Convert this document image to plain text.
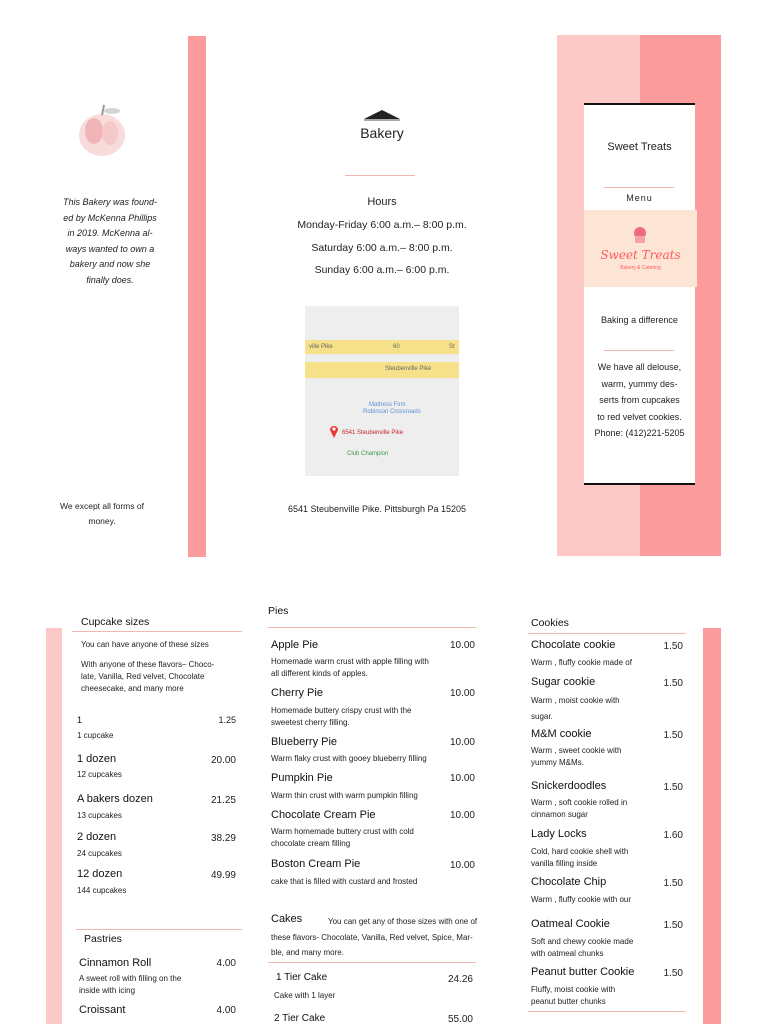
This Bakery was found-
ed by McKenna Phillips
in 2019. McKenna al-
ways wanted to own a
bakery and now she
finally does.
We except all forms of
money.
Bakery
Hours
Monday-Friday 6:00 a.m.– 8:00 p.m.
Saturday 6:00 a.m.– 8:00 p.m.
Sunday 6:00 a.m.– 6:00 p.m.
ville Pike	60	St
Steubenville Pike
Mattress Firm
Robinson Crossroads
6541 Steubenville Pike
Club Champion
6541 Steubenville Pike. Pittsburgh Pa 15205
Sweet Treats
Menu
Sweet Treats
Bakery & Catering
Baking a difference
We have all delouse,
warm, yummy des-
serts from cupcakes
to red velvet cookies.
Phone: (412)221-5205
Cupcake sizes
You can have anyone of these sizes
With anyone of these flavors– Choco-
late, Vanilla, Red velvet, Chocolate
cheesecake, and many more
1	1.25
1 cupcake
1 dozen	20.00
12 cupcakes
A bakers dozen	21.25
13 cupcakes
2 dozen	38.29
24 cupcakes
12 dozen	49.99
144 cupcakes
Pastries
Cinnamon Roll	4.00
A sweet roll with filling on the
inside with icing
Croissant	4.00
Pies
Apple Pie	10.00
Homemade warm crust with apple filling with
all different kinds of apples.
Cherry Pie	10.00
Homemade buttery crispy crust with the
sweetest cherry filling.
Blueberry Pie	10.00
Warm flaky crust with gooey blueberry filling
Pumpkin Pie	10.00
Warm thin crust with warm pumpkin filling
Chocolate Cream Pie	10.00
Warm homemade buttery crust with cold
chocolate cream filling
Boston Cream Pie	10.00
cake that is filled with custard and frosted
Cakes	You can get any of those sizes with one of
these flavors- Chocolate, Vanilla, Red velvet, Spice, Mar-
ble, and many more.
1 Tier Cake	24.26
Cake with 1 layer
2 Tier Cake	55.00
Cookies
Chocolate cookie	1.50
Warm , fluffy cookie made of
Sugar cookie	1.50
Warm , moist cookie with
sugar.
M&M cookie	1.50
Warm , sweet cookie with
yummy M&Ms.
Snickerdoodles	1.50
Warm , soft cookie rolled in
cinnamon sugar
Lady Locks	1.60
Cold, hard cookie shell with
vanilla filling inside
Chocolate Chip	1.50
Warm , fluffy cookie with our
Oatmeal Cookie	1.50
Soft and chewy cookie made
with oatmeal chunks
Peanut butter Cookie	1.50
Fluffy, moist cookie with
peanut butter chunks
